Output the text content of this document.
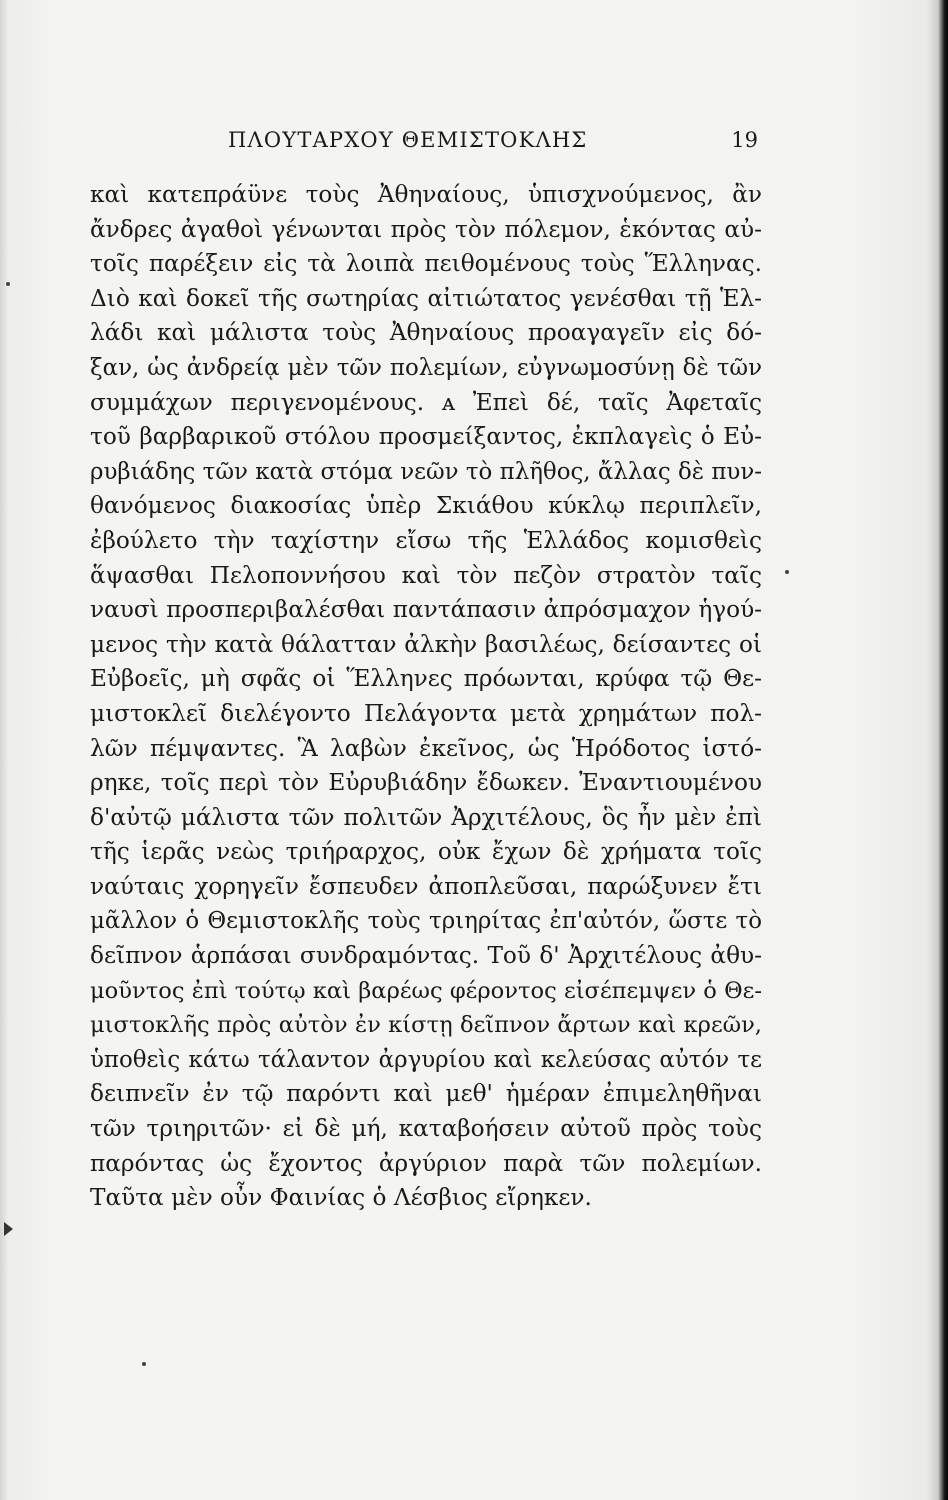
ΠΛΟΥΤΑΡΧΟΥ ΘΕΜΙΣΤΟΚΛΗΣ	19
καὶ κατεπράϋνε τοὺς Ἀθηναίους, ὑπισχνούμενος, ἂν
ἄνδρες ἀγαθοὶ γένωνται πρὸς τὸν πόλεμον, ἑκόντας αὐ-
τοῖς παρέξειν εἰς τὰ λοιπὰ πειθομένους τοὺς Ἕλληνας.
Διὸ καὶ δοκεῖ τῆς σωτηρίας αἰτιώτατος γενέσθαι τῇ Ἑλ-
λάδι καὶ μάλιστα τοὺς Ἀθηναίους προαγαγεῖν εἰς δό-
ξαν, ὡς ἀνδρείᾳ μὲν τῶν πολεμίων, εὐγνωμοσύνῃ δὲ τῶν
συμμάχων περιγενομένους. ᴀ Ἐπεὶ δέ, ταῖς Ἀφεταῖς
τοῦ βαρβαρικοῦ στόλου προσμείξαντος, ἐκπλαγεὶς ὁ Εὐ-
ρυβιάδης τῶν κατὰ στόμα νεῶν τὸ πλῆθος, ἄλλας δὲ πυν-
θανόμενος διακοσίας ὑπὲρ Σκιάθου κύκλῳ περιπλεῖν,
ἐβούλετο τὴν ταχίστην εἴσω τῆς Ἑλλάδος κομισθεὶς
ἅψασθαι Πελοποννήσου καὶ τὸν πεζὸν στρατὸν ταῖς
ναυσὶ προσπεριβαλέσθαι παντάπασιν ἀπρόσμαχον ἡγού-
μενος τὴν κατὰ θάλατταν ἀλκὴν βασιλέως, δείσαντες οἱ
Εὐβοεῖς, μὴ σφᾶς οἱ Ἕλληνες πρόωνται, κρύφα τῷ Θε-
μιστοκλεῖ διελέγοντο Πελάγοντα μετὰ χρημάτων πολ-
λῶν πέμψαντες. Ἃ λαβὼν ἐκεῖνος, ὡς Ἡρόδοτος ἱστό-
ρηκε, τοῖς περὶ τὸν Εὐρυβιάδην ἔδωκεν. Ἐναντιουμένου
δ'αὐτῷ μάλιστα τῶν πολιτῶν Ἀρχιτέλους, ὃς ἦν μὲν ἐπὶ
τῆς ἱερᾶς νεὼς τριήραρχος, οὐκ ἔχων δὲ χρήματα τοῖς
ναύταις χορηγεῖν ἔσπευδεν ἀποπλεῦσαι, παρώξυνεν ἔτι
μᾶλλον ὁ Θεμιστοκλῆς τοὺς τριηρίτας ἐπ'αὐτόν, ὥστε τὸ
δεῖπνον ἁρπάσαι συνδραμόντας. Τοῦ δ' Ἀρχιτέλους ἀθυ-
μοῦντος ἐπὶ τούτῳ καὶ βαρέως φέροντος εἰσέπεμψεν ὁ Θε-
μιστοκλῆς πρὸς αὐτὸν ἐν κίστῃ δεῖπνον ἄρτων καὶ κρεῶν,
ὑποθεὶς κάτω τάλαντον ἀργυρίου καὶ κελεύσας αὐτόν τε
δειπνεῖν ἐν τῷ παρόντι καὶ μεθ' ἡμέραν ἐπιμεληθῆναι
τῶν τριηριτῶν· εἰ δὲ μή, καταβοήσειν αὐτοῦ πρὸς τοὺς
παρόντας ὡς ἔχοντος ἀργύριον παρὰ τῶν πολεμίων.
Ταῦτα μὲν οὖν Φαινίας ὁ Λέσβιος εἴρηκεν.
